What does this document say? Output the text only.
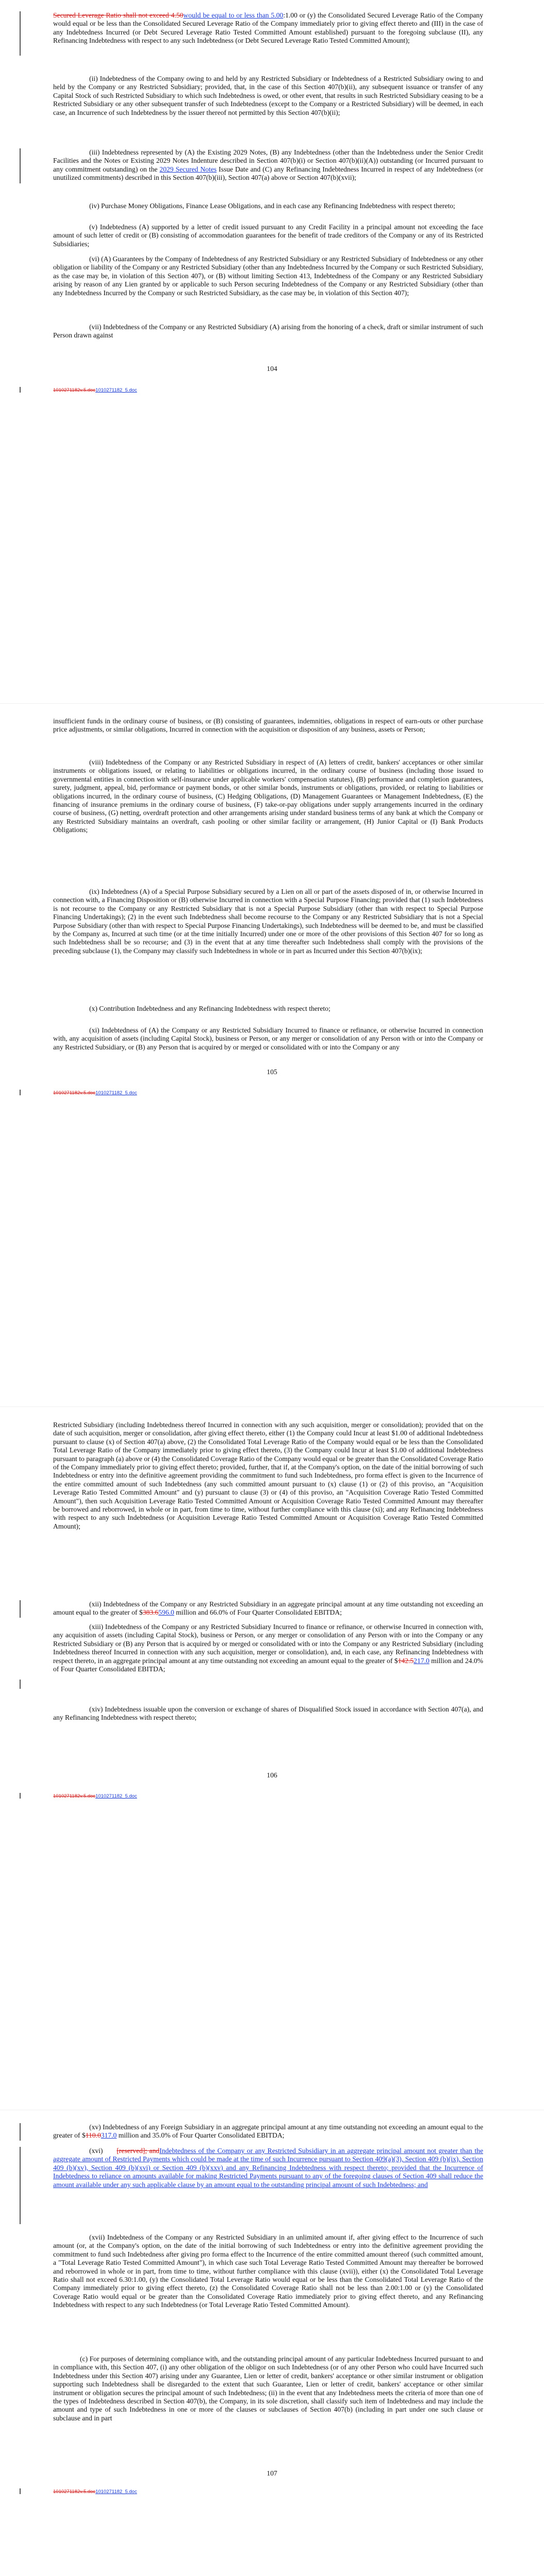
Secured Leverage Ratio shall not exceed 4.50would be equal to or less than 5.00:1.00 or (y) the Consolidated Secured Leverage Ratio of the Company would equal or be less than the Consolidated Secured Leverage Ratio of the Company immediately prior to giving effect thereto and (III) in the case of any Indebtedness Incurred (or Debt Secured Leverage Ratio Tested Committed Amount established) pursuant to the foregoing subclause (II), any Refinancing Indebtedness with respect to any such Indebtedness (or Debt Secured Leverage Ratio Tested Committed Amount);

(ii) Indebtedness of the Company owing to and held by any Restricted Subsidiary or Indebtedness of a Restricted Subsidiary owing to and held by the Company or any Restricted Subsidiary; provided, that, in the case of this Section 407(b)(ii), any subsequent issuance or transfer of any Capital Stock of such Restricted Subsidiary to which such Indebtedness is owed, or other event, that results in such Restricted Subsidiary ceasing to be a Restricted Subsidiary or any other subsequent transfer of such Indebtedness (except to the Company or a Restricted Subsidiary) will be deemed, in each case, an Incurrence of such Indebtedness by the issuer thereof not permitted by this Section 407(b)(ii);

(iii) Indebtedness represented by (A) the Existing 2029 Notes, (B) any Indebtedness (other than the Indebtedness under the Senior Credit Facilities and the Notes or Existing 2029 Notes Indenture described in Section 407(b)(i) or Section 407(b)(ii)(A)) outstanding (or Incurred pursuant to any commitment outstanding) on the 2029 Secured Notes Issue Date and (C) any Refinancing Indebtedness Incurred in respect of any Indebtedness (or unutilized commitments) described in this Section 407(b)(iii), Section 407(a) above or Section 407(b)(xvii);

(iv) Purchase Money Obligations, Finance Lease Obligations, and in each case any Refinancing Indebtedness with respect thereto;

(v) Indebtedness (A) supported by a letter of credit issued pursuant to any Credit Facility in a principal amount not exceeding the face amount of such letter of credit or (B) consisting of accommodation guarantees for the benefit of trade creditors of the Company or any of its Restricted Subsidiaries;

(vi) (A) Guarantees by the Company of Indebtedness of any Restricted Subsidiary or any Restricted Subsidiary of Indebtedness or any other obligation or liability of the Company or any Restricted Subsidiary (other than any Indebtedness Incurred by the Company or such Restricted Subsidiary, as the case may be, in violation of this Section 407), or (B) without limiting Section 413, Indebtedness of the Company or any Restricted Subsidiary arising by reason of any Lien granted by or applicable to such Person securing Indebtedness of the Company or any Restricted Subsidiary (other than any Indebtedness Incurred by the Company or such Restricted Subsidiary, as the case may be, in violation of this Section 407);

(vii) Indebtedness of the Company or any Restricted Subsidiary (A) arising from the honoring of a check, draft or similar instrument of such Person drawn against

104
1010271182v.5.doc1010271182_5.doc

insufficient funds in the ordinary course of business, or (B) consisting of guarantees, indemnities, obligations in respect of earn-outs or other purchase price adjustments, or similar obligations, Incurred in connection with the acquisition or disposition of any business, assets or Person;

(viii) Indebtedness of the Company or any Restricted Subsidiary in respect of (A) letters of credit, bankers' acceptances or other similar instruments or obligations issued, or relating to liabilities or obligations incurred, in the ordinary course of business (including those issued to governmental entities in connection with self-insurance under applicable workers' compensation statutes), (B) performance and completion guarantees, surety, judgment, appeal, bid, performance or payment bonds, or other similar bonds, instruments or obligations, provided, or relating to liabilities or obligations incurred, in the ordinary course of business, (C) Hedging Obligations, (D) Management Guarantees or Management Indebtedness, (E) the financing of insurance premiums in the ordinary course of business, (F) take-or-pay obligations under supply arrangements incurred in the ordinary course of business, (G) netting, overdraft protection and other arrangements arising under standard business terms of any bank at which the Company or any Restricted Subsidiary maintains an overdraft, cash pooling or other similar facility or arrangement, (H) Junior Capital or (I) Bank Products Obligations;

(ix) Indebtedness (A) of a Special Purpose Subsidiary secured by a Lien on all or part of the assets disposed of in, or otherwise Incurred in connection with, a Financing Disposition or (B) otherwise Incurred in connection with a Special Purpose Financing; provided that (1) such Indebtedness is not recourse to the Company or any Restricted Subsidiary that is not a Special Purpose Subsidiary (other than with respect to Special Purpose Financing Undertakings); (2) in the event such Indebtedness shall become recourse to the Company or any Restricted Subsidiary that is not a Special Purpose Subsidiary (other than with respect to Special Purpose Financing Undertakings), such Indebtedness will be deemed to be, and must be classified by the Company as, Incurred at such time (or at the time initially Incurred) under one or more of the other provisions of this Section 407 for so long as such Indebtedness shall be so recourse; and (3) in the event that at any time thereafter such Indebtedness shall comply with the provisions of the preceding subclause (1), the Company may classify such Indebtedness in whole or in part as Incurred under this Section 407(b)(ix);

(x) Contribution Indebtedness and any Refinancing Indebtedness with respect thereto;

(xi) Indebtedness of (A) the Company or any Restricted Subsidiary Incurred to finance or refinance, or otherwise Incurred in connection with, any acquisition of assets (including Capital Stock), business or Person, or any merger or consolidation of any Person with or into the Company or any Restricted Subsidiary, or (B) any Person that is acquired by or merged or consolidated with or into the Company or any

105
1010271182v.5.doc1010271182_5.doc

Restricted Subsidiary (including Indebtedness thereof Incurred in connection with any such acquisition, merger or consolidation); provided that on the date of such acquisition, merger or consolidation, after giving effect thereto, either (1) the Company could Incur at least $1.00 of additional Indebtedness pursuant to clause (x) of Section 407(a) above, (2) the Consolidated Total Leverage Ratio of the Company would equal or be less than the Consolidated Total Leverage Ratio of the Company immediately prior to giving effect thereto, (3) the Company could Incur at least $1.00 of additional Indebtedness pursuant to paragraph (a) above or (4) the Consolidated Coverage Ratio of the Company would equal or be greater than the Consolidated Coverage Ratio of the Company immediately prior to giving effect thereto; provided, further, that if, at the Company's option, on the date of the initial borrowing of such Indebtedness or entry into the definitive agreement providing the commitment to fund such Indebtedness, pro forma effect is given to the Incurrence of the entire committed amount of such Indebtedness (any such committed amount pursuant to (x) clause (1) or (2) of this proviso, an "Acquisition Leverage Ratio Tested Committed Amount" and (y) pursuant to clause (3) or (4) of this proviso, an "Acquisition Coverage Ratio Tested Committed Amount"), then such Acquisition Leverage Ratio Tested Committed Amount or Acquisition Coverage Ratio Tested Committed Amount may thereafter be borrowed and reborrowed, in whole or in part, from time to time, without further compliance with this clause (xi); and any Refinancing Indebtedness with respect to any such Indebtedness (or Acquisition Leverage Ratio Tested Committed Amount or Acquisition Coverage Ratio Tested Committed Amount);

(xii) Indebtedness of the Company or any Restricted Subsidiary in an aggregate principal amount at any time outstanding not exceeding an amount equal to the greater of $383.6596.0 million and 66.0% of Four Quarter Consolidated EBITDA;

(xiii) Indebtedness of the Company or any Restricted Subsidiary Incurred to finance or refinance, or otherwise Incurred in connection with, any acquisition of assets (including Capital Stock), business or Person, or any merger or consolidation of any Person with or into the Company or any Restricted Subsidiary or (B) any Person that is acquired by or merged or consolidated with or into the Company or any Restricted Subsidiary (including Indebtedness thereof Incurred in connection with any such acquisition, merger or consolidation), and, in each case, any Refinancing Indebtedness with respect thereto, in an aggregate principal amount at any time outstanding not exceeding an amount equal to the greater of $142.5217.0 million and 24.0% of Four Quarter Consolidated EBITDA;

(xiv) Indebtedness issuable upon the conversion or exchange of shares of Disqualified Stock issued in accordance with Section 407(a), and any Refinancing Indebtedness with respect thereto;

106
1010271182v.5.doc1010271182_5.doc

(xv) Indebtedness of any Foreign Subsidiary in an aggregate principal amount at any time outstanding not exceeding an amount equal to the greater of $110.0317.0 million and 35.0% of Four Quarter Consolidated EBITDA;

(xvi) [reserved]; andIndebtedness of the Company or any Restricted Subsidiary in an aggregate principal amount not greater than the aggregate amount of Restricted Payments which could be made at the time of such Incurrence pursuant to Section 409(a)(3), Section 409 (b)(ix), Section 409 (b)(xv), Section 409 (b)(xvi) or Section 409 (b)(xxv) and any Refinancing Indebtedness with respect thereto; provided that the Incurrence of Indebtedness to reliance on amounts available for making Restricted Payments pursuant to any of the foregoing clauses of Section 409 shall reduce the amount available under any such applicable clause by an amount equal to the outstanding principal amount of such Indebtedness; and

(xvii) Indebtedness of the Company or any Restricted Subsidiary in an unlimited amount if, after giving effect to the Incurrence of such amount (or, at the Company's option, on the date of the initial borrowing of such Indebtedness or entry into the definitive agreement providing the commitment to fund such Indebtedness after giving pro forma effect to the Incurrence of the entire committed amount thereof (such committed amount, a "Total Leverage Ratio Tested Committed Amount"), in which case such Total Leverage Ratio Tested Committed Amount may thereafter be borrowed and reborrowed in whole or in part, from time to time, without further compliance with this clause (xvii)), either (x) the Consolidated Total Leverage Ratio shall not exceed 6.30:1.00, (y) the Consolidated Total Leverage Ratio would equal or be less than the Consolidated Total Leverage Ratio of the Company immediately prior to giving effect thereto, (z) the Consolidated Coverage Ratio shall not be less than 2.00:1.00 or (y) the Consolidated Coverage Ratio would equal or be greater than the Consolidated Coverage Ratio immediately prior to giving effect thereto, and any Refinancing Indebtedness with respect to any such Indebtedness (or Total Leverage Ratio Tested Committed Amount).

(c) For purposes of determining compliance with, and the outstanding principal amount of any particular Indebtedness Incurred pursuant to and in compliance with, this Section 407, (i) any other obligation of the obligor on such Indebtedness (or of any other Person who could have Incurred such Indebtedness under this Section 407) arising under any Guarantee, Lien or letter of credit, bankers' acceptance or other similar instrument or obligation supporting such Indebtedness shall be disregarded to the extent that such Guarantee, Lien or letter of credit, bankers' acceptance or other similar instrument or obligation secures the principal amount of such Indebtedness; (ii) in the event that any Indebtedness meets the criteria of more than one of the types of Indebtedness described in Section 407(b), the Company, in its sole discretion, shall classify such item of Indebtedness and may include the amount and type of such Indebtedness in one or more of the clauses or subclauses of Section 407(b) (including in part under one such clause or subclause and in part

107
1010271182v.5.doc1010271182_5.doc
